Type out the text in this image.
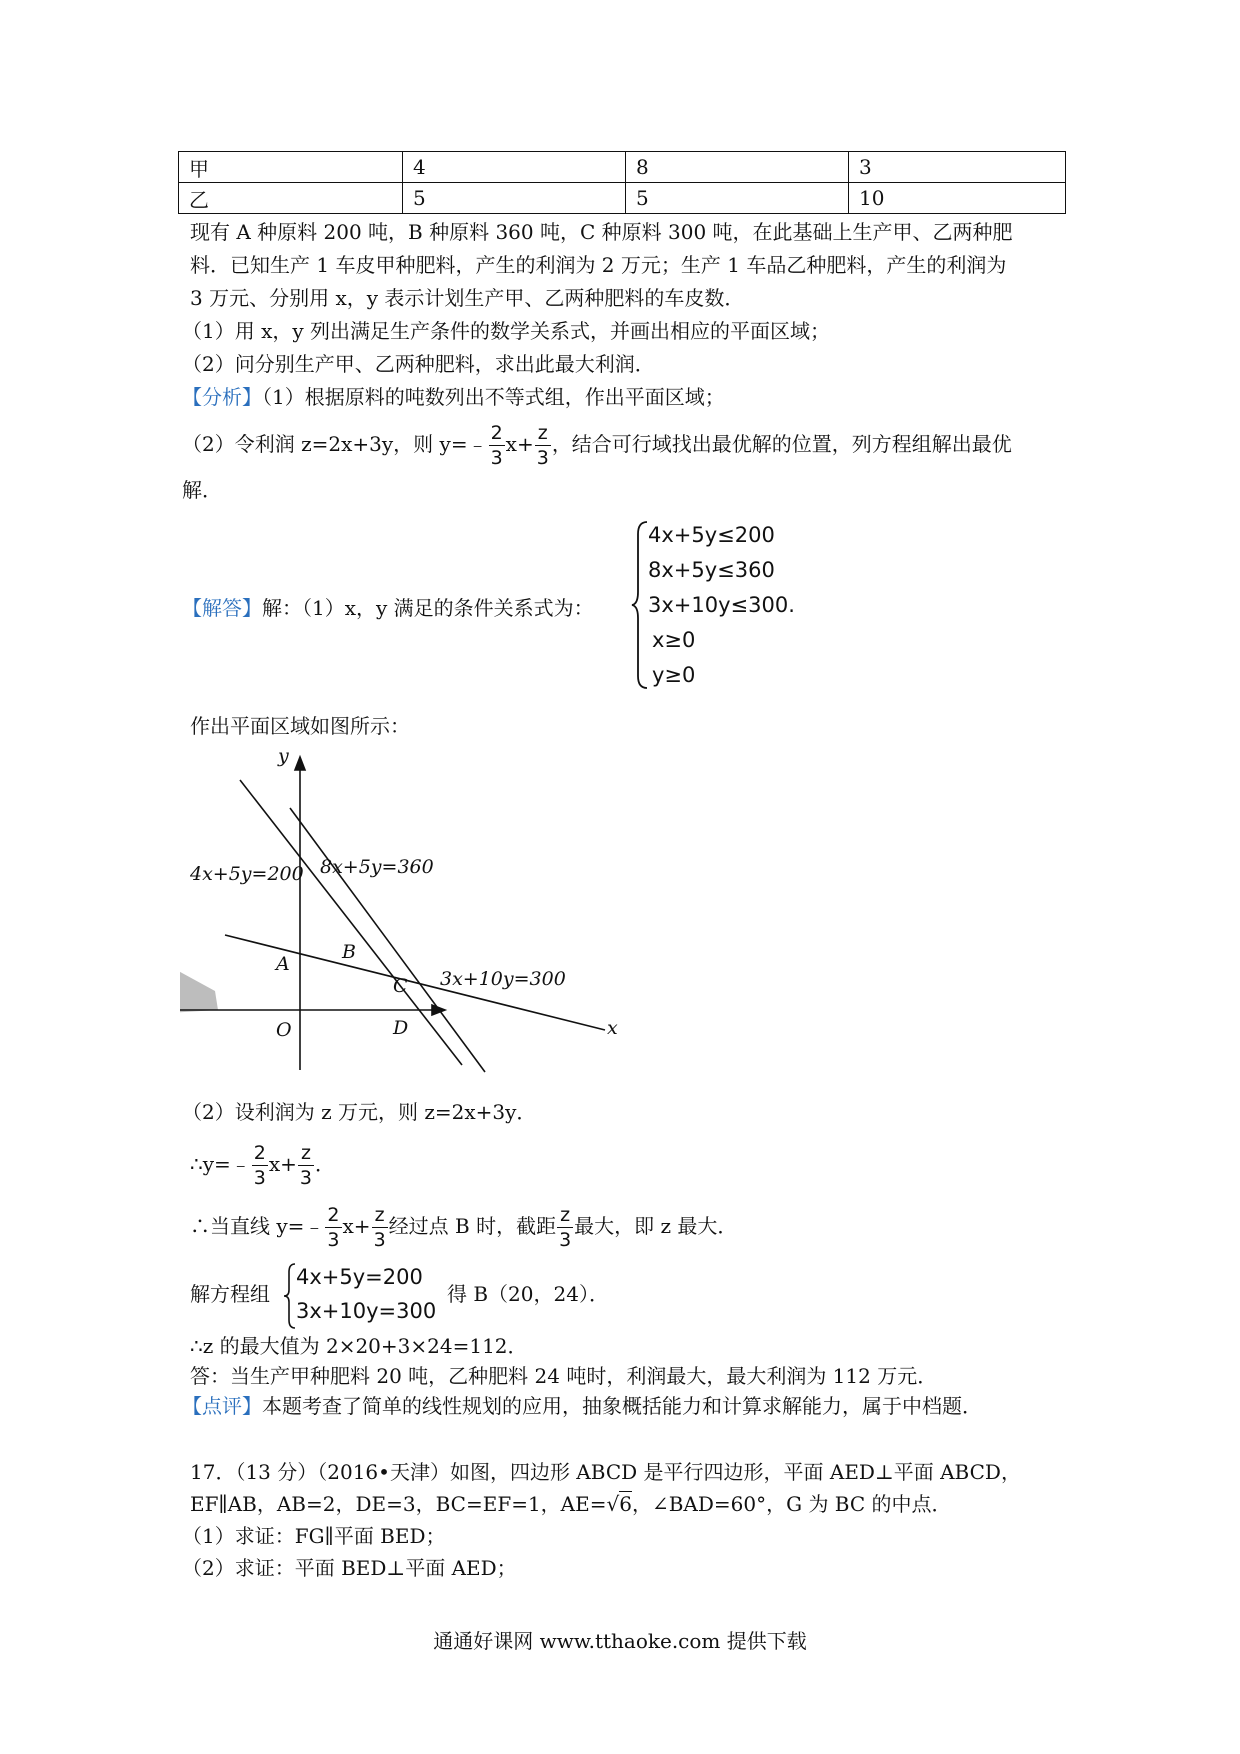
甲	4	8	3
乙	5	5	10
现有 A 种原料 200 吨，B 种原料 360 吨，C 种原料 300 吨，在此基础上生产甲、乙两种肥
料．已知生产 1 车皮甲种肥料，产生的利润为 2 万元；生产 1 车品乙种肥料，产生的利润为
3 万元、分别用 x，y 表示计划生产甲、乙两种肥料的车皮数．
（1）用 x，y 列出满足生产条件的数学关系式，并画出相应的平面区域；
（2）问分别生产甲、乙两种肥料，求出此最大利润．
【分析】（1）根据原料的吨数列出不等式组，作出平面区域；
（2）令利润 z=2x+3y，则 y=﹣ $\frac{2}{3} x+ \frac{z}{3}$ ，结合可行域找出最优解的位置，列方程组解出最优
解．
【解答】解：（1）x，y 满足的条件关系式为：
4x+5y≤200
8x+5y≤360
3x+10y≤300.
x≥0
y≥0
作出平面区域如图所示：
y
x
O
A
B
C
D
4x+5y=200 8x+5y=360
3x+10y=300
（2）设利润为 z 万元，则 z=2x+3y．
∴y=﹣ $\frac{2}{3} x+ \frac{z}{3}$ ．
∴当直线 y=﹣ $\frac{2}{3} x+ \frac{z}{3}$ 经过点 B 时，截距 $\frac{z}{3}$ 最大，即 z 最大．
解方程组
4x+5y=200
3x+10y=300
得 B（20，24）．
∴z 的最大值为 2×20+3×24=112．
答：当生产甲种肥料 20 吨，乙种肥料 24 吨时，利润最大，最大利润为 112 万元．
【点评】本题考查了简单的线性规划的应用，抽象概括能力和计算求解能力，属于中档题．
17．（13 分）（2016•天津）如图，四边形 ABCD 是平行四边形，平面 AED⊥平面 ABCD，
EF∥AB，AB=2，DE=3，BC=EF=1，AE=√6，∠BAD=60°，G 为 BC 的中点．
（1）求证：FG∥平面 BED；
（2）求证：平面 BED⊥平面 AED；
通通好课网 www.tthaoke.com 提供下载
